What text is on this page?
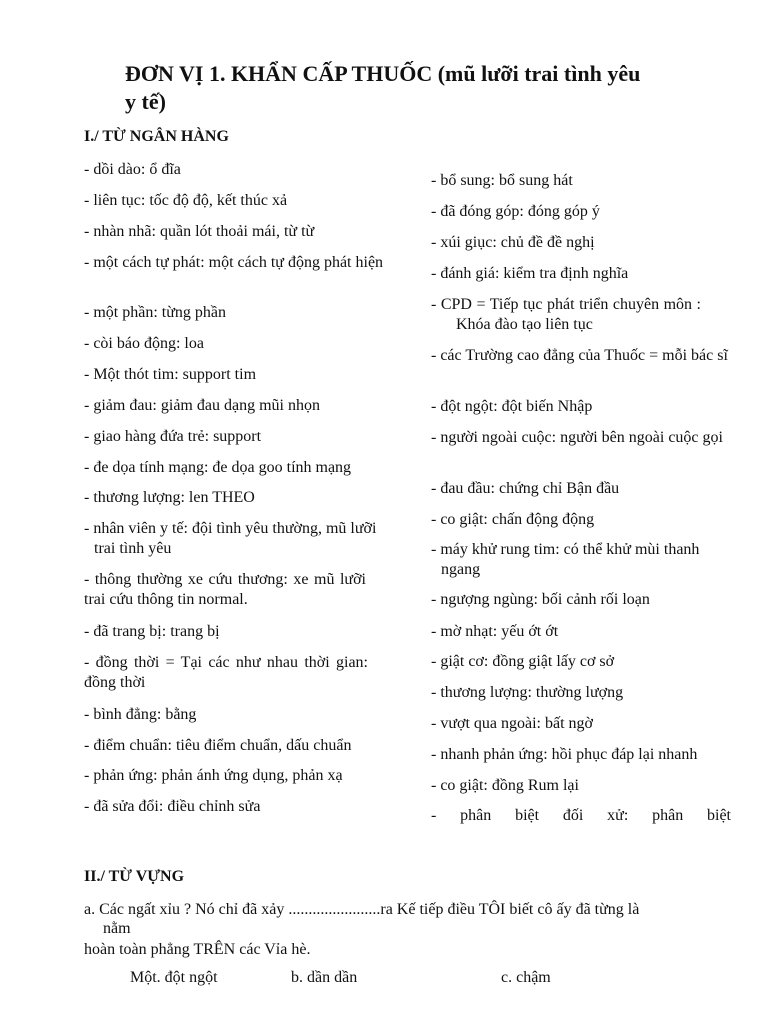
ĐƠN VỊ 1. KHẨN CẤP THUỐC (mũ lưỡi trai tình yêu
y tế)
I./ TỪ NGÂN HÀNG
- dồi dào: ổ đĩa
- liên tục: tốc độ độ, kết thúc xả
- nhàn nhã: quần lót thoải mái, từ từ
- một cách tự phát: một cách tự động phát hiện
- một phần: từng phần
- còi báo động: loa
- Một thót tim: support tim
- giảm đau: giảm đau dạng mũi nhọn
- giao hàng đứa trẻ: support
- đe dọa tính mạng: đe dọa goo tính mạng
- thương lượng: len THEO
- nhân viên y tế: đội tình yêu thường, mũ lưỡi trai tình yêu
- thông thường xe cứu thương: xe mũ lưỡi trai cứu thông tin normal.
- đã trang bị: trang bị
- đồng thời = Tại các như nhau thời gian: đồng thời
- bình đẳng: bằng
- điểm chuẩn: tiêu điểm chuẩn, dấu chuẩn
- phản ứng: phản ánh ứng dụng, phản xạ
- đã sửa đổi: điều chỉnh sửa
- bổ sung: bổ sung hát
- đã đóng góp: đóng góp ý
- xúi giục: chủ đề đề nghị
- đánh giá: kiểm tra định nghĩa
- CPD = Tiếp tục phát triển chuyên môn : Khóa đào tạo liên tục
- các Trường cao đẳng của Thuốc = mỗi bác sĩ
- đột ngột: đột biến Nhập
- người ngoài cuộc: người bên ngoài cuộc gọi
- đau đầu: chứng chỉ Bận đầu
- co giật: chấn động động
- máy khử rung tim: có thể khử mùi thanh ngang
- ngượng ngùng: bối cảnh rối loạn
- mờ nhạt: yếu ớt ớt
- giật cơ: đồng giật lấy cơ sở
- thương lượng: thường lượng
- vượt qua ngoài: bất ngờ
- nhanh phản ứng: hồi phục đáp lại nhanh
- co giật: đồng Rum lại
- phân biệt đối xử: phân biệt
II./ TỪ VỰNG
a. Các ngất xỉu ? Nó chỉ đã xảy .......................ra Kế tiếp điều TÔI biết cô ấy đã từng là
nằm
hoàn toàn phẳng TRÊN các Vỉa hè.
Một. đột ngột	b. dần dần	c. chậm
